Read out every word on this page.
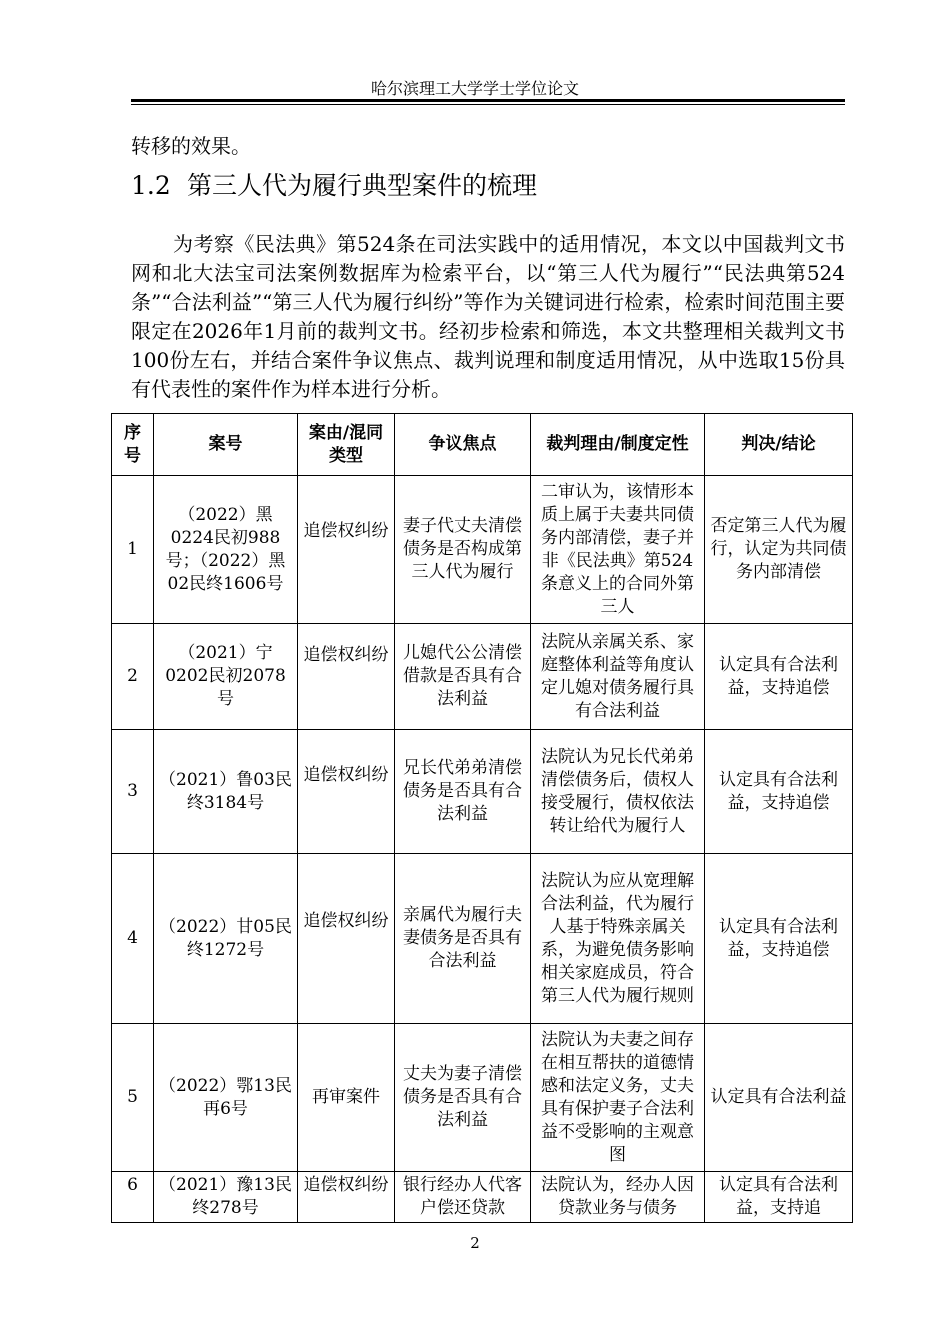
哈尔滨理工大学学士学位论文
转移的效果。
1.2 第三人代为履行典型案件的梳理

为考察《民法典》第524条在司法实践中的适用情况，本文以中国裁判文书网和北大法宝司法案例数据库为检索平台，以“第三人代为履行”“民法典第524条”“合法利益”“第三人代为履行纠纷”等作为关键词进行检索，检索时间范围主要限定在2026年1月前的裁判文书。经初步检索和筛选，本文共整理相关裁判文书100份左右，并结合案件争议焦点、裁判说理和制度适用情况，从中选取15份具有代表性的案件作为样本进行分析。

序号	案号	案由/混同类型	争议焦点	裁判理由/制度定性	判决/结论
1	（2022）黑0224民初988号；（2022）黑02民终1606号	追偿权纠纷	妻子代丈夫清偿债务是否构成第三人代为履行	二审认为，该情形本质上属于夫妻共同债务内部清偿，妻子并非《民法典》第524条意义上的合同外第三人	否定第三人代为履行，认定为共同债务内部清偿
2	（2021）宁0202民初2078号	追偿权纠纷	儿媳代公公清偿借款是否具有合法利益	法院从亲属关系、家庭整体利益等角度认定儿媳对债务履行具有合法利益	认定具有合法利益，支持追偿
3	（2021）鲁03民终3184号	追偿权纠纷	兄长代弟弟清偿债务是否具有合法利益	法院认为兄长代弟弟清偿债务后，债权人接受履行，债权依法转让给代为履行人	认定具有合法利益，支持追偿
4	（2022）甘05民终1272号	追偿权纠纷	亲属代为履行夫妻债务是否具有合法利益	法院认为应从宽理解合法利益，代为履行人基于特殊亲属关系，为避免债务影响相关家庭成员，符合第三人代为履行规则	认定具有合法利益，支持追偿
5	（2022）鄂13民再6号	再审案件	丈夫为妻子清偿债务是否具有合法利益	法院认为夫妻之间存在相互帮扶的道德情感和法定义务，丈夫具有保护妻子合法利益不受影响的主观意图	认定具有合法利益
6	（2021）豫13民终278号	追偿权纠纷	银行经办人代客户偿还贷款	法院认为，经办人因贷款业务与债务	认定具有合法利益，支持追
2
